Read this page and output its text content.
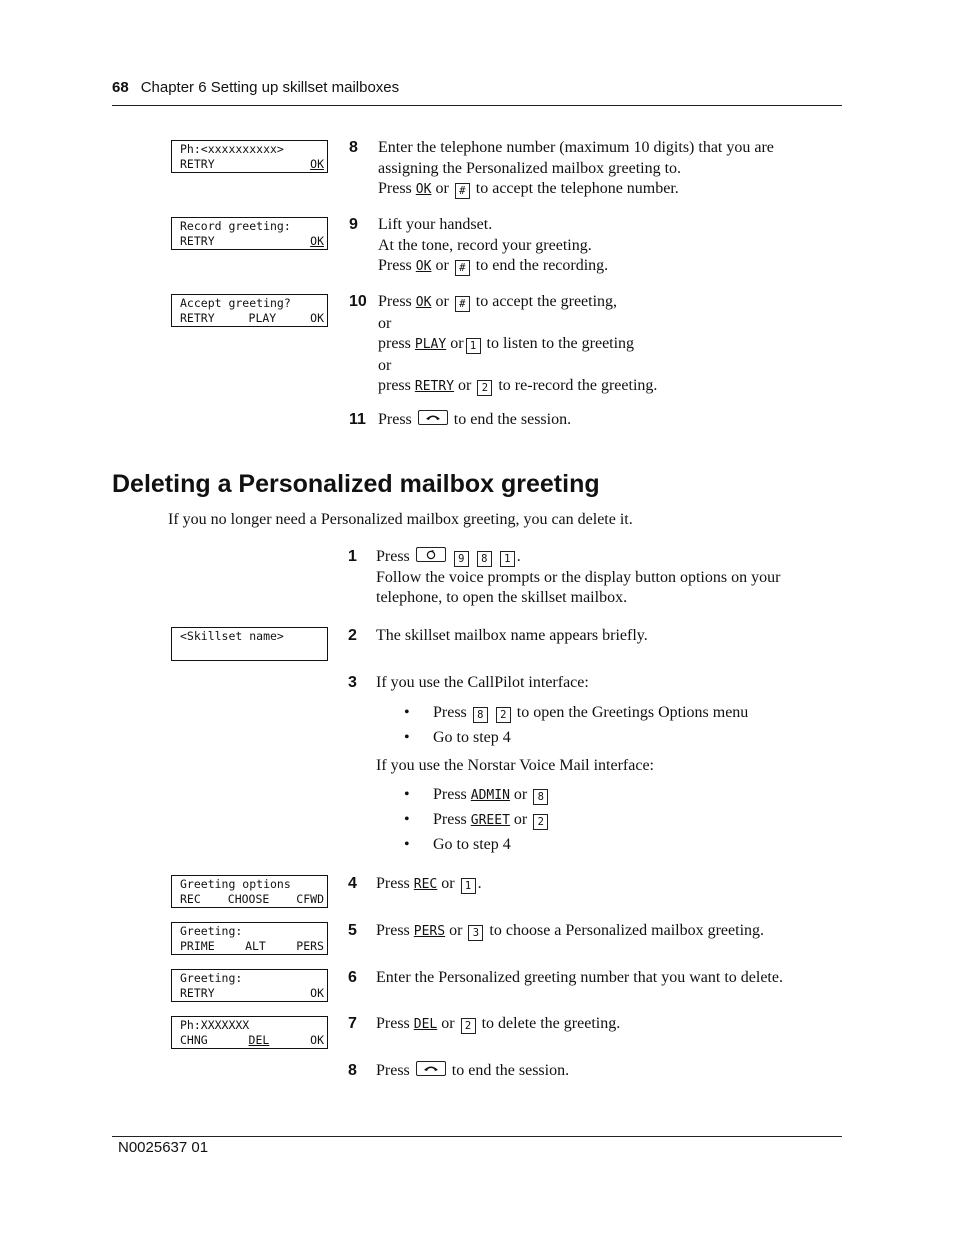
68 Chapter 6 Setting up skillset mailboxes
Ph:<xxxxxxxxxx>
RETRY	OK
Record greeting:
RETRY	OK
Accept greeting?
RETRY	PLAY	OK
8 Enter the telephone number (maximum 10 digits) that you are
assigning the Personalized mailbox greeting to.
Press OK or # to accept the telephone number.
9 Lift your handset.
At the tone, record your greeting.
Press OK or # to end the recording.
10 Press OK or # to accept the greeting,
or
press PLAY or 1 to listen to the greeting
or
press RETRY or 2 to re-record the greeting.
11 Press	to end the session.
Deleting a Personalized mailbox greeting
If you no longer need a Personalized mailbox greeting, you can delete it.
1 Press	9 8 1 .
Follow the voice prompts or the display button options on your
telephone, to open the skillset mailbox.
<Skillset name>	2 The skillset mailbox name appears briefly.
3 If you use the CallPilot interface:
• Press 8 2 to open the Greetings Options menu
• Go to step 4
If you use the Norstar Voice Mail interface:
• Press ADMIN or 8
• Press GREET or 2
• Go to step 4
Greeting options
REC CHOOSE CFWD
Greeting:
PRIME	ALT	PERS
Greeting:
RETRY	OK
Ph:XXXXXXX
CHNG	DEL	OK
4 Press REC or 1 .
5 Press PERS or 3 to choose a Personalized mailbox greeting.
6 Enter the Personalized greeting number that you want to delete.
7 Press DEL or 2 to delete the greeting.
8 Press	to end the session.
N0025637 01
